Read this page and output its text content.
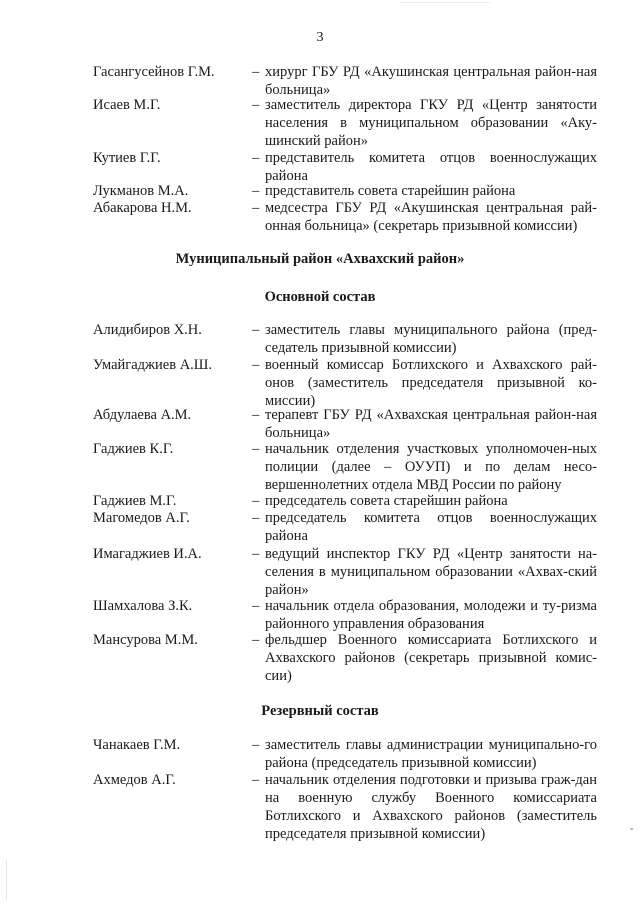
3
Гасангусейнов Г.М.	– хирург ГБУ РД «Акушинская центральная район-ная больница»
Исаев М.Г.	– заместитель директора ГКУ РД «Центр занятости населения в муниципальном образовании «Аку-шинский район»
Кутиев Г.Г.	– представитель комитета отцов военнослужащих района
Лукманов М.А.	– представитель совета старейшин района
Абакарова Н.М.	– медсестра ГБУ РД «Акушинская центральная рай-онная больница» (секретарь призывной комиссии)
Муниципальный район «Ахвахский район»
Основной состав
Алидибиров Х.Н.	– заместитель главы муниципального района (пред-седатель призывной комиссии)
Умайгаджиев А.Ш.	– военный комиссар Ботлихского и Ахвахского рай-онов (заместитель председателя призывной ко-миссии)
Абдулаева А.М.	– терапевт ГБУ РД «Ахвахская центральная район-ная больница»
Гаджиев К.Г.	– начальник отделения участковых уполномочен-ных полиции (далее – ОУУП) и по делам несо-вершеннолетних отдела МВД России по району
Гаджиев М.Г.	– председатель совета старейшин района
Магомедов А.Г.	– председатель комитета отцов военнослужащих района
Имагаджиев И.А.	– ведущий инспектор ГКУ РД «Центр занятости на-селения в муниципальном образовании «Ахвах-ский район»
Шамхалова З.К.	– начальник отдела образования, молодежи и ту-ризма районного управления образования
Мансурова М.М.	– фельдшер Военного комиссариата Ботлихского и Ахвахского районов (секретарь призывной комис-сии)
Резервный состав
Чанакаев Г.М.	– заместитель главы администрации муниципально-го района (председатель призывной комиссии)
Ахмедов А.Г.	– начальник отделения подготовки и призыва граж-дан на военную службу Военного комиссариата Ботлихского и Ахвахского районов (заместитель председателя призывной комиссии)
